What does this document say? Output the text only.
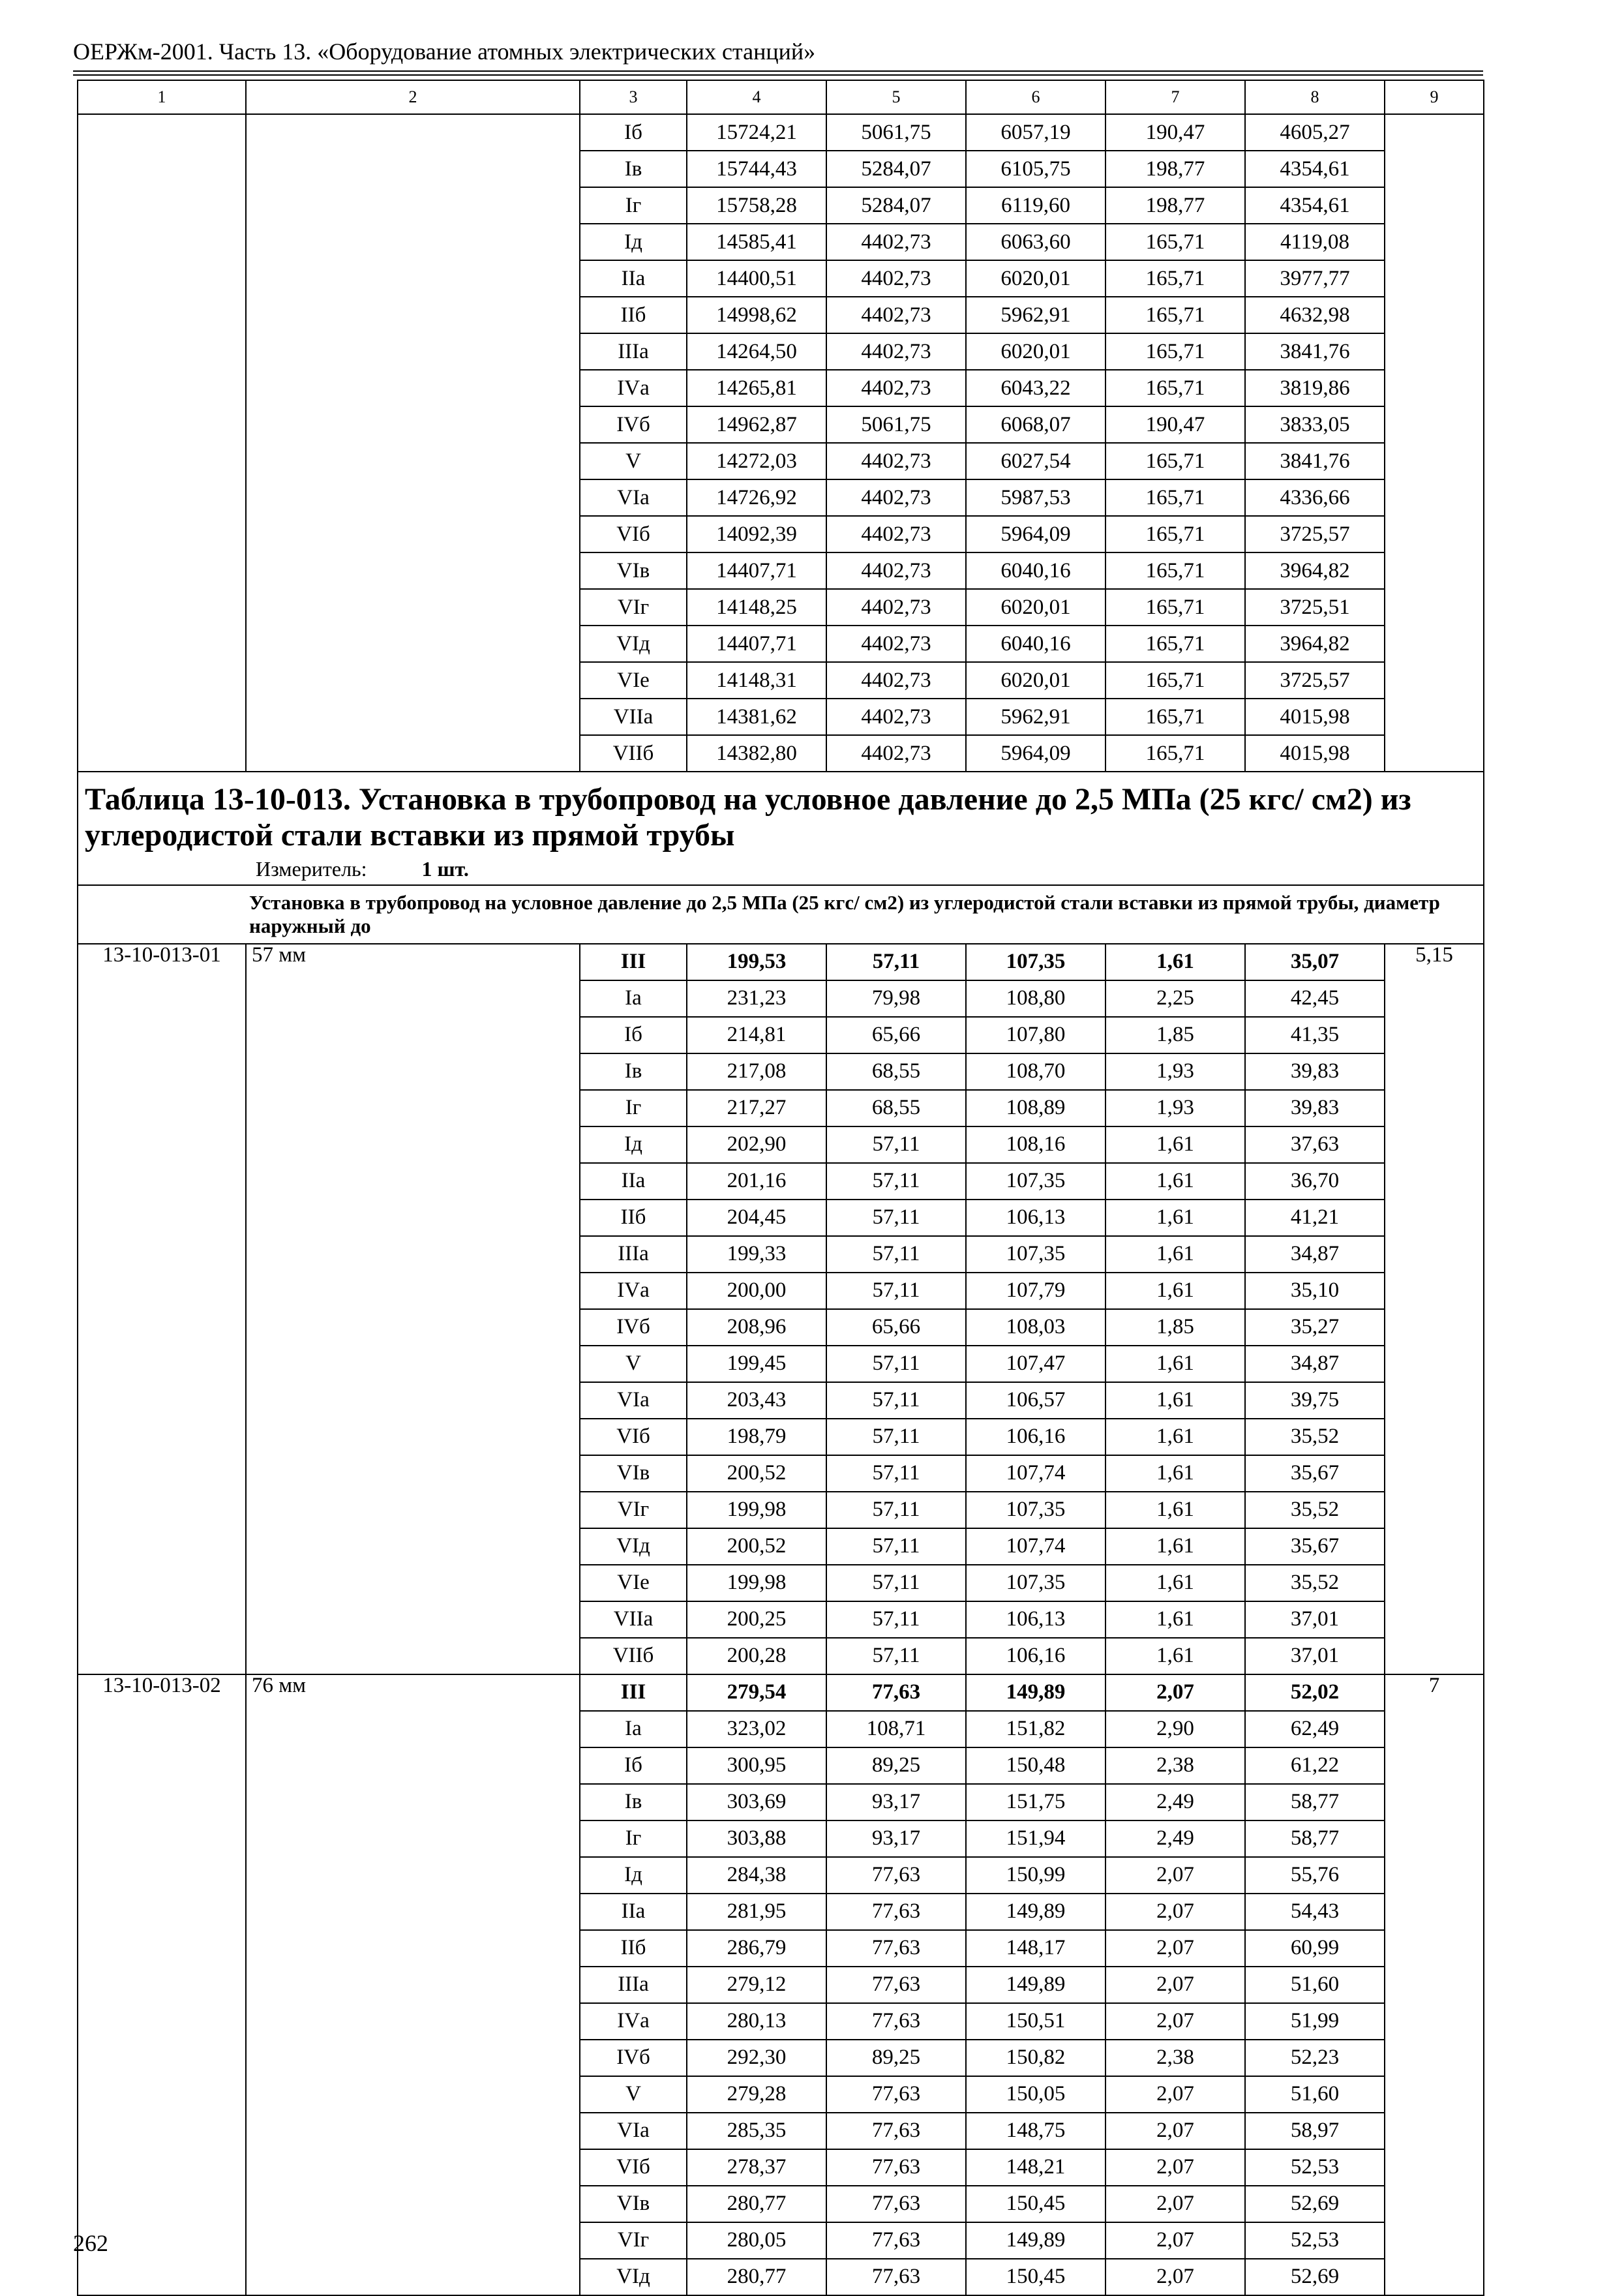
ОЕРЖм-2001. Часть 13. «Оборудование атомных электрических станций»
1	2	3	4	5	6	7	8	9
		Iб	15724,21	5061,75	6057,19	190,47	4605,27	
		Iв	15744,43	5284,07	6105,75	198,77	4354,61	
		Iг	15758,28	5284,07	6119,60	198,77	4354,61	
		Iд	14585,41	4402,73	6063,60	165,71	4119,08	
		IIа	14400,51	4402,73	6020,01	165,71	3977,77	
		IIб	14998,62	4402,73	5962,91	165,71	4632,98	
		IIIа	14264,50	4402,73	6020,01	165,71	3841,76	
		IVа	14265,81	4402,73	6043,22	165,71	3819,86	
		IVб	14962,87	5061,75	6068,07	190,47	3833,05	
		V	14272,03	4402,73	6027,54	165,71	3841,76	
		VIа	14726,92	4402,73	5987,53	165,71	4336,66	
		VIб	14092,39	4402,73	5964,09	165,71	3725,57	
		VIв	14407,71	4402,73	6040,16	165,71	3964,82	
		VIг	14148,25	4402,73	6020,01	165,71	3725,51	
		VIд	14407,71	4402,73	6040,16	165,71	3964,82	
		VIе	14148,31	4402,73	6020,01	165,71	3725,57	
		VIIа	14381,62	4402,73	5962,91	165,71	4015,98	
		VIIб	14382,80	4402,73	5964,09	165,71	4015,98	

Таблица 13-10-013. Установка в трубопровод на условное давление до 2,5 МПа (25 кгс/ см2) из углеродистой стали вставки из прямой трубы
Измеритель: 1 шт.								

Установка в трубопровод на условное давление до 2,5 МПа (25 кгс/ см2) из углеродистой стали вставки из прямой трубы, диаметр наружный до								
13-10-013-01	57 мм	III	199,53	57,11	107,35	1,61	35,07	5,15
		Iа	231,23	79,98	108,80	2,25	42,45	
		Iб	214,81	65,66	107,80	1,85	41,35	
		Iв	217,08	68,55	108,70	1,93	39,83	
		Iг	217,27	68,55	108,89	1,93	39,83	
		Iд	202,90	57,11	108,16	1,61	37,63	
		IIа	201,16	57,11	107,35	1,61	36,70	
		IIб	204,45	57,11	106,13	1,61	41,21	
		IIIа	199,33	57,11	107,35	1,61	34,87	
		IVа	200,00	57,11	107,79	1,61	35,10	
		IVб	208,96	65,66	108,03	1,85	35,27	
		V	199,45	57,11	107,47	1,61	34,87	
		VIа	203,43	57,11	106,57	1,61	39,75	
		VIб	198,79	57,11	106,16	1,61	35,52	
		VIв	200,52	57,11	107,74	1,61	35,67	
		VIг	199,98	57,11	107,35	1,61	35,52	
		VIд	200,52	57,11	107,74	1,61	35,67	
		VIе	199,98	57,11	107,35	1,61	35,52	
		VIIа	200,25	57,11	106,13	1,61	37,01	
		VIIб	200,28	57,11	106,16	1,61	37,01	
13-10-013-02	76 мм	III	279,54	77,63	149,89	2,07	52,02	7
		Iа	323,02	108,71	151,82	2,90	62,49	
		Iб	300,95	89,25	150,48	2,38	61,22	
		Iв	303,69	93,17	151,75	2,49	58,77	
		Iг	303,88	93,17	151,94	2,49	58,77	
		Iд	284,38	77,63	150,99	2,07	55,76	
		IIа	281,95	77,63	149,89	2,07	54,43	
		IIб	286,79	77,63	148,17	2,07	60,99	
		IIIа	279,12	77,63	149,89	2,07	51,60	
		IVа	280,13	77,63	150,51	2,07	51,99	
		IVб	292,30	89,25	150,82	2,38	52,23	
		V	279,28	77,63	150,05	2,07	51,60	
		VIа	285,35	77,63	148,75	2,07	58,97	
		VIб	278,37	77,63	148,21	2,07	52,53	
		VIв	280,77	77,63	150,45	2,07	52,69	
		VIг	280,05	77,63	149,89	2,07	52,53	
		VIд	280,77	77,63	150,45	2,07	52,69	
262
